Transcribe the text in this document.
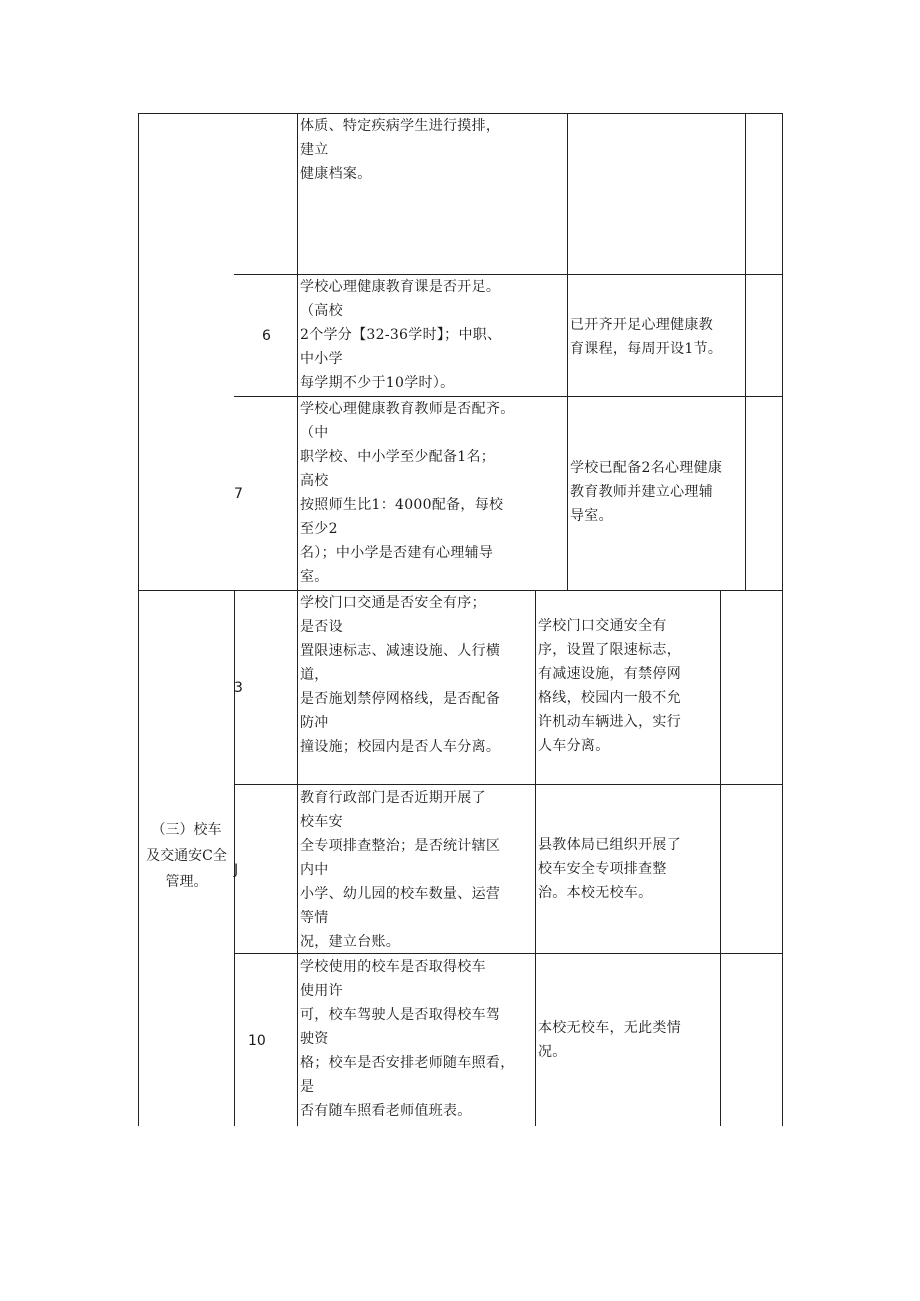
体质、特定疾病学生进行摸排，
建立
健康档案。
6
学校心理健康教育课是否开足。
（高校
2个学分【32-36学时】；中职、
中小学
每学期不少于10学时）。
已开齐开足心理健康教
育课程，每周开设1节。
7
学校心理健康教育教师是否配齐。
（中
职学校、中小学至少配备1名；
高校
按照师生比1：4000配备，每校
至少2
名）；中小学是否建有心理辅导
室。
学校已配备2名心理健康
教育教师并建立心理辅
导室。
（三）校车
及交通安C全
管理。
3
学校门口交通是否安全有序；
是否设
置限速标志、减速设施、人行横
道，
是否施划禁停网格线，是否配备
防冲
撞设施；校园内是否人车分离。
学校门口交通安全有
序，设置了限速标志，
有减速设施，有禁停网
格线，校园内一般不允
许机动车辆进入，实行
人车分离。
J
教育行政部门是否近期开展了
校车安
全专项排查整治；是否统计辖区
内中
小学、幼儿园的校车数量、运营
等情
况，建立台账。
县教体局已组织开展了
校车安全专项排查整
治。本校无校车。
10
学校使用的校车是否取得校车
使用许
可，校车驾驶人是否取得校车驾
驶资
格；校车是否安排老师随车照看，
是
否有随车照看老师值班表。
本校无校车，无此类情
况。
